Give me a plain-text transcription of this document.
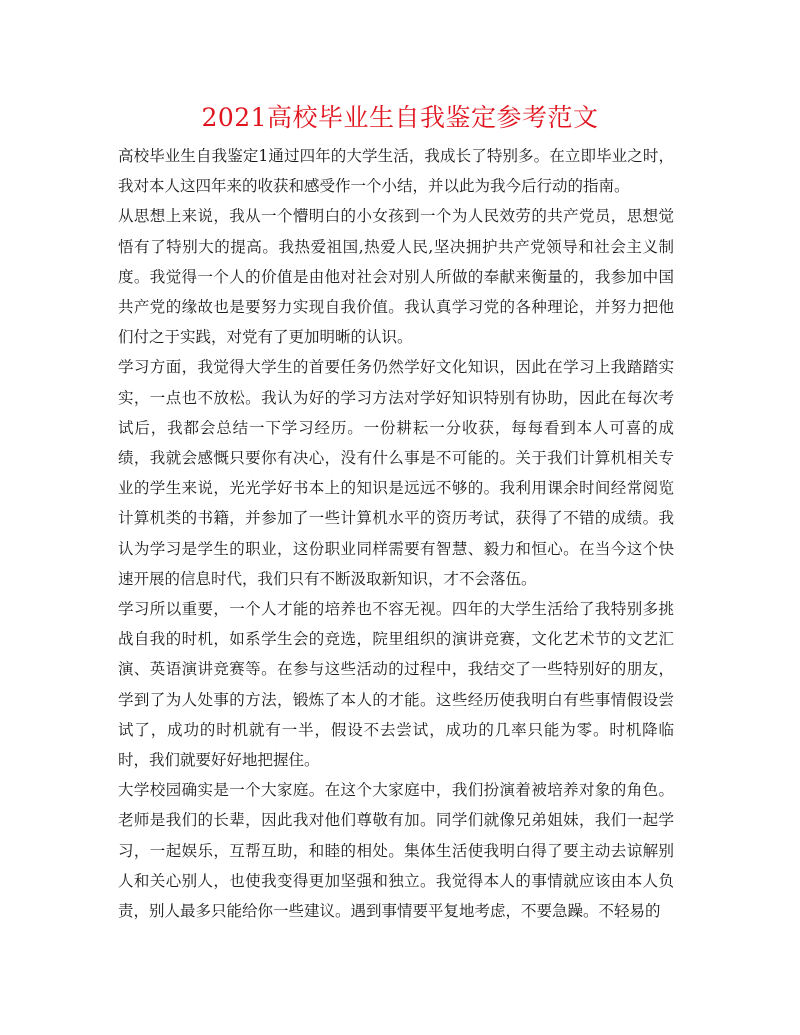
2021高校毕业生自我鉴定参考范文

高校毕业生自我鉴定1通过四年的大学生活，我成长了特别多。在立即毕业之时，我对本人这四年来的收获和感受作一个小结，并以此为我今后行动的指南。

从思想上来说，我从一个懵明白的小女孩到一个为人民效劳的共产党员，思想觉悟有了特别大的提高。我热爱祖国,热爱人民,坚决拥护共产党领导和社会主义制度。我觉得一个人的价值是由他对社会对别人所做的奉献来衡量的，我参加中国共产党的缘故也是要努力实现自我价值。我认真学习党的各种理论，并努力把他们付之于实践，对党有了更加明晰的认识。

学习方面，我觉得大学生的首要任务仍然学好文化知识，因此在学习上我踏踏实实，一点也不放松。我认为好的学习方法对学好知识特别有协助，因此在每次考试后，我都会总结一下学习经历。一份耕耘一分收获，每每看到本人可喜的成绩，我就会感慨只要你有决心，没有什么事是不可能的。关于我们计算机相关专业的学生来说，光光学好书本上的知识是远远不够的。我利用课余时间经常阅览计算机类的书籍，并参加了一些计算机水平的资历考试，获得了不错的成绩。我认为学习是学生的职业，这份职业同样需要有智慧、毅力和恒心。在当今这个快速开展的信息时代，我们只有不断汲取新知识，才不会落伍。

学习所以重要，一个人才能的培养也不容无视。四年的大学生活给了我特别多挑战自我的时机，如系学生会的竞选，院里组织的演讲竞赛，文化艺术节的文艺汇演、英语演讲竞赛等。在参与这些活动的过程中，我结交了一些特别好的朋友，学到了为人处事的方法，锻炼了本人的才能。这些经历使我明白有些事情假设尝试了，成功的时机就有一半，假设不去尝试，成功的几率只能为零。时机降临时，我们就要好好地把握住。

大学校园确实是一个大家庭。在这个大家庭中，我们扮演着被培养对象的角色。老师是我们的长辈，因此我对他们尊敬有加。同学们就像兄弟姐妹，我们一起学习，一起娱乐，互帮互助，和睦的相处。集体生活使我明白得了要主动去谅解别人和关心别人，也使我变得更加坚强和独立。我觉得本人的事情就应该由本人负责，别人最多只能给你一些建议。遇到事情要平复地考虑，不要急躁。不轻易的
